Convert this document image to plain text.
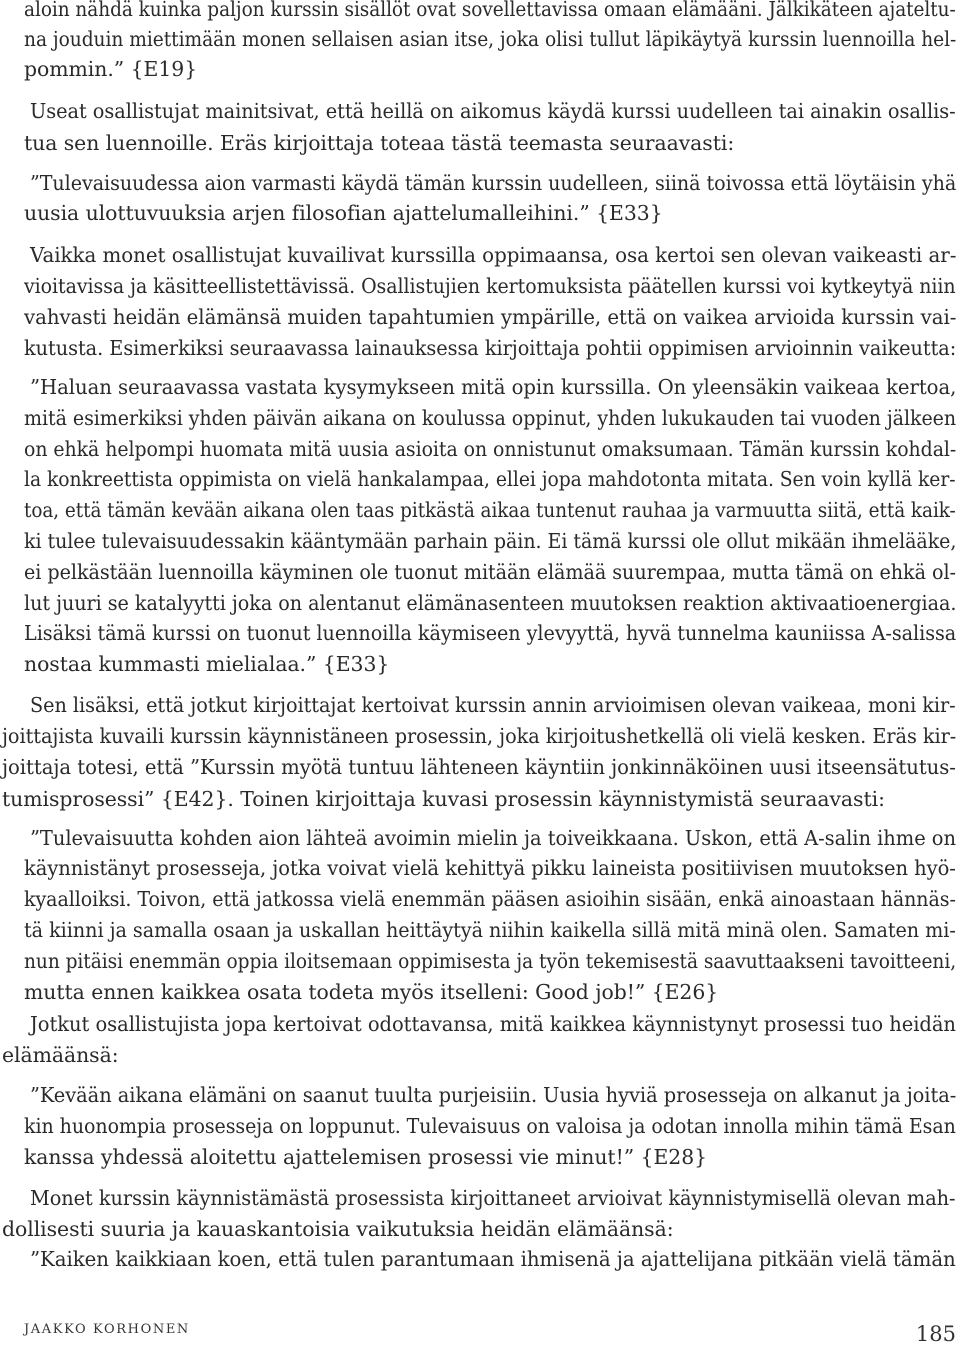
aloin nähdä kuinka paljon kurssin sisällöt ovat sovellettavissa omaan elämääni. Jälkikäteen ajateltu-
na jouduin miettimään monen sellaisen asian itse, joka olisi tullut läpikäytyä kurssin luennoilla hel-
pommin.” {E19}
Useat osallistujat mainitsivat, että heillä on aikomus käydä kurssi uudelleen tai ainakin osallis-
tua sen luennoille. Eräs kirjoittaja toteaa tästä teemasta seuraavasti:
”Tulevaisuudessa aion varmasti käydä tämän kurssin uudelleen, siinä toivossa että löytäisin yhä
uusia ulottuvuuksia arjen filosofian ajattelumalleihini.” {E33}
Vaikka monet osallistujat kuvailivat kurssilla oppimaansa, osa kertoi sen olevan vaikeasti ar-
vioitavissa ja käsitteellistettävissä. Osallistujien kertomuksista päätellen kurssi voi kytkeytyä niin
vahvasti heidän elämänsä muiden tapahtumien ympärille, että on vaikea arvioida kurssin vai-
kutusta. Esimerkiksi seuraavassa lainauksessa kirjoittaja pohtii oppimisen arvioinnin vaikeutta:
”Haluan seuraavassa vastata kysymykseen mitä opin kurssilla. On yleensäkin vaikeaa kertoa,
mitä esimerkiksi yhden päivän aikana on koulussa oppinut, yhden lukukauden tai vuoden jälkeen
on ehkä helpompi huomata mitä uusia asioita on onnistunut omaksumaan. Tämän kurssin kohdal-
la konkreettista oppimista on vielä hankalampaa, ellei jopa mahdotonta mitata. Sen voin kyllä ker-
toa, että tämän kevään aikana olen taas pitkästä aikaa tuntenut rauhaa ja varmuutta siitä, että kaik-
ki tulee tulevaisuudessakin kääntymään parhain päin. Ei tämä kurssi ole ollut mikään ihmelääke,
ei pelkästään luennoilla käyminen ole tuonut mitään elämää suurempaa, mutta tämä on ehkä ol-
lut juuri se katalyytti joka on alentanut elämänasenteen muutoksen reaktion aktivaatioenergiaa.
Lisäksi tämä kurssi on tuonut luennoilla käymiseen ylevyyttä, hyvä tunnelma kauniissa A-salissa
nostaa kummasti mielialaa.” {E33}
Sen lisäksi, että jotkut kirjoittajat kertoivat kurssin annin arvioimisen olevan vaikeaa, moni kir-
joittajista kuvaili kurssin käynnistäneen prosessin, joka kirjoitushetkellä oli vielä kesken. Eräs kir-
joittaja totesi, että ”Kurssin myötä tuntuu lähteneen käyntiin jonkinnäköinen uusi itseensätutus-
tumisprosessi” {E42}. Toinen kirjoittaja kuvasi prosessin käynnistymistä seuraavasti:
”Tulevaisuutta kohden aion lähteä avoimin mielin ja toiveikkaana. Uskon, että A-salin ihme on
käynnistänyt prosesseja, jotka voivat vielä kehittyä pikku laineista positiivisen muutoksen hyö-
kyaalloiksi. Toivon, että jatkossa vielä enemmän pääsen asioihin sisään, enkä ainoastaan hännäs-
tä kiinni ja samalla osaan ja uskallan heittäytyä niihin kaikella sillä mitä minä olen. Samaten mi-
nun pitäisi enemmän oppia iloitsemaan oppimisesta ja työn tekemisestä saavuttaakseni tavoitteeni,
mutta ennen kaikkea osata todeta myös itselleni: Good job!” {E26}
Jotkut osallistujista jopa kertoivat odottavansa, mitä kaikkea käynnistynyt prosessi tuo heidän
elämäänsä:
”Kevään aikana elämäni on saanut tuulta purjeisiin. Uusia hyviä prosesseja on alkanut ja joita-
kin huonompia prosesseja on loppunut. Tulevaisuus on valoisa ja odotan innolla mihin tämä Esan
kanssa yhdessä aloitettu ajattelemisen prosessi vie minut!” {E28}
Monet kurssin käynnistämästä prosessista kirjoittaneet arvioivat käynnistymisellä olevan mah-
dollisesti suuria ja kauaskantoisia vaikutuksia heidän elämäänsä:
”Kaiken kaikkiaan koen, että tulen parantumaan ihmisenä ja ajattelijana pitkään vielä tämän
JAAKKO KORHONEN	185
